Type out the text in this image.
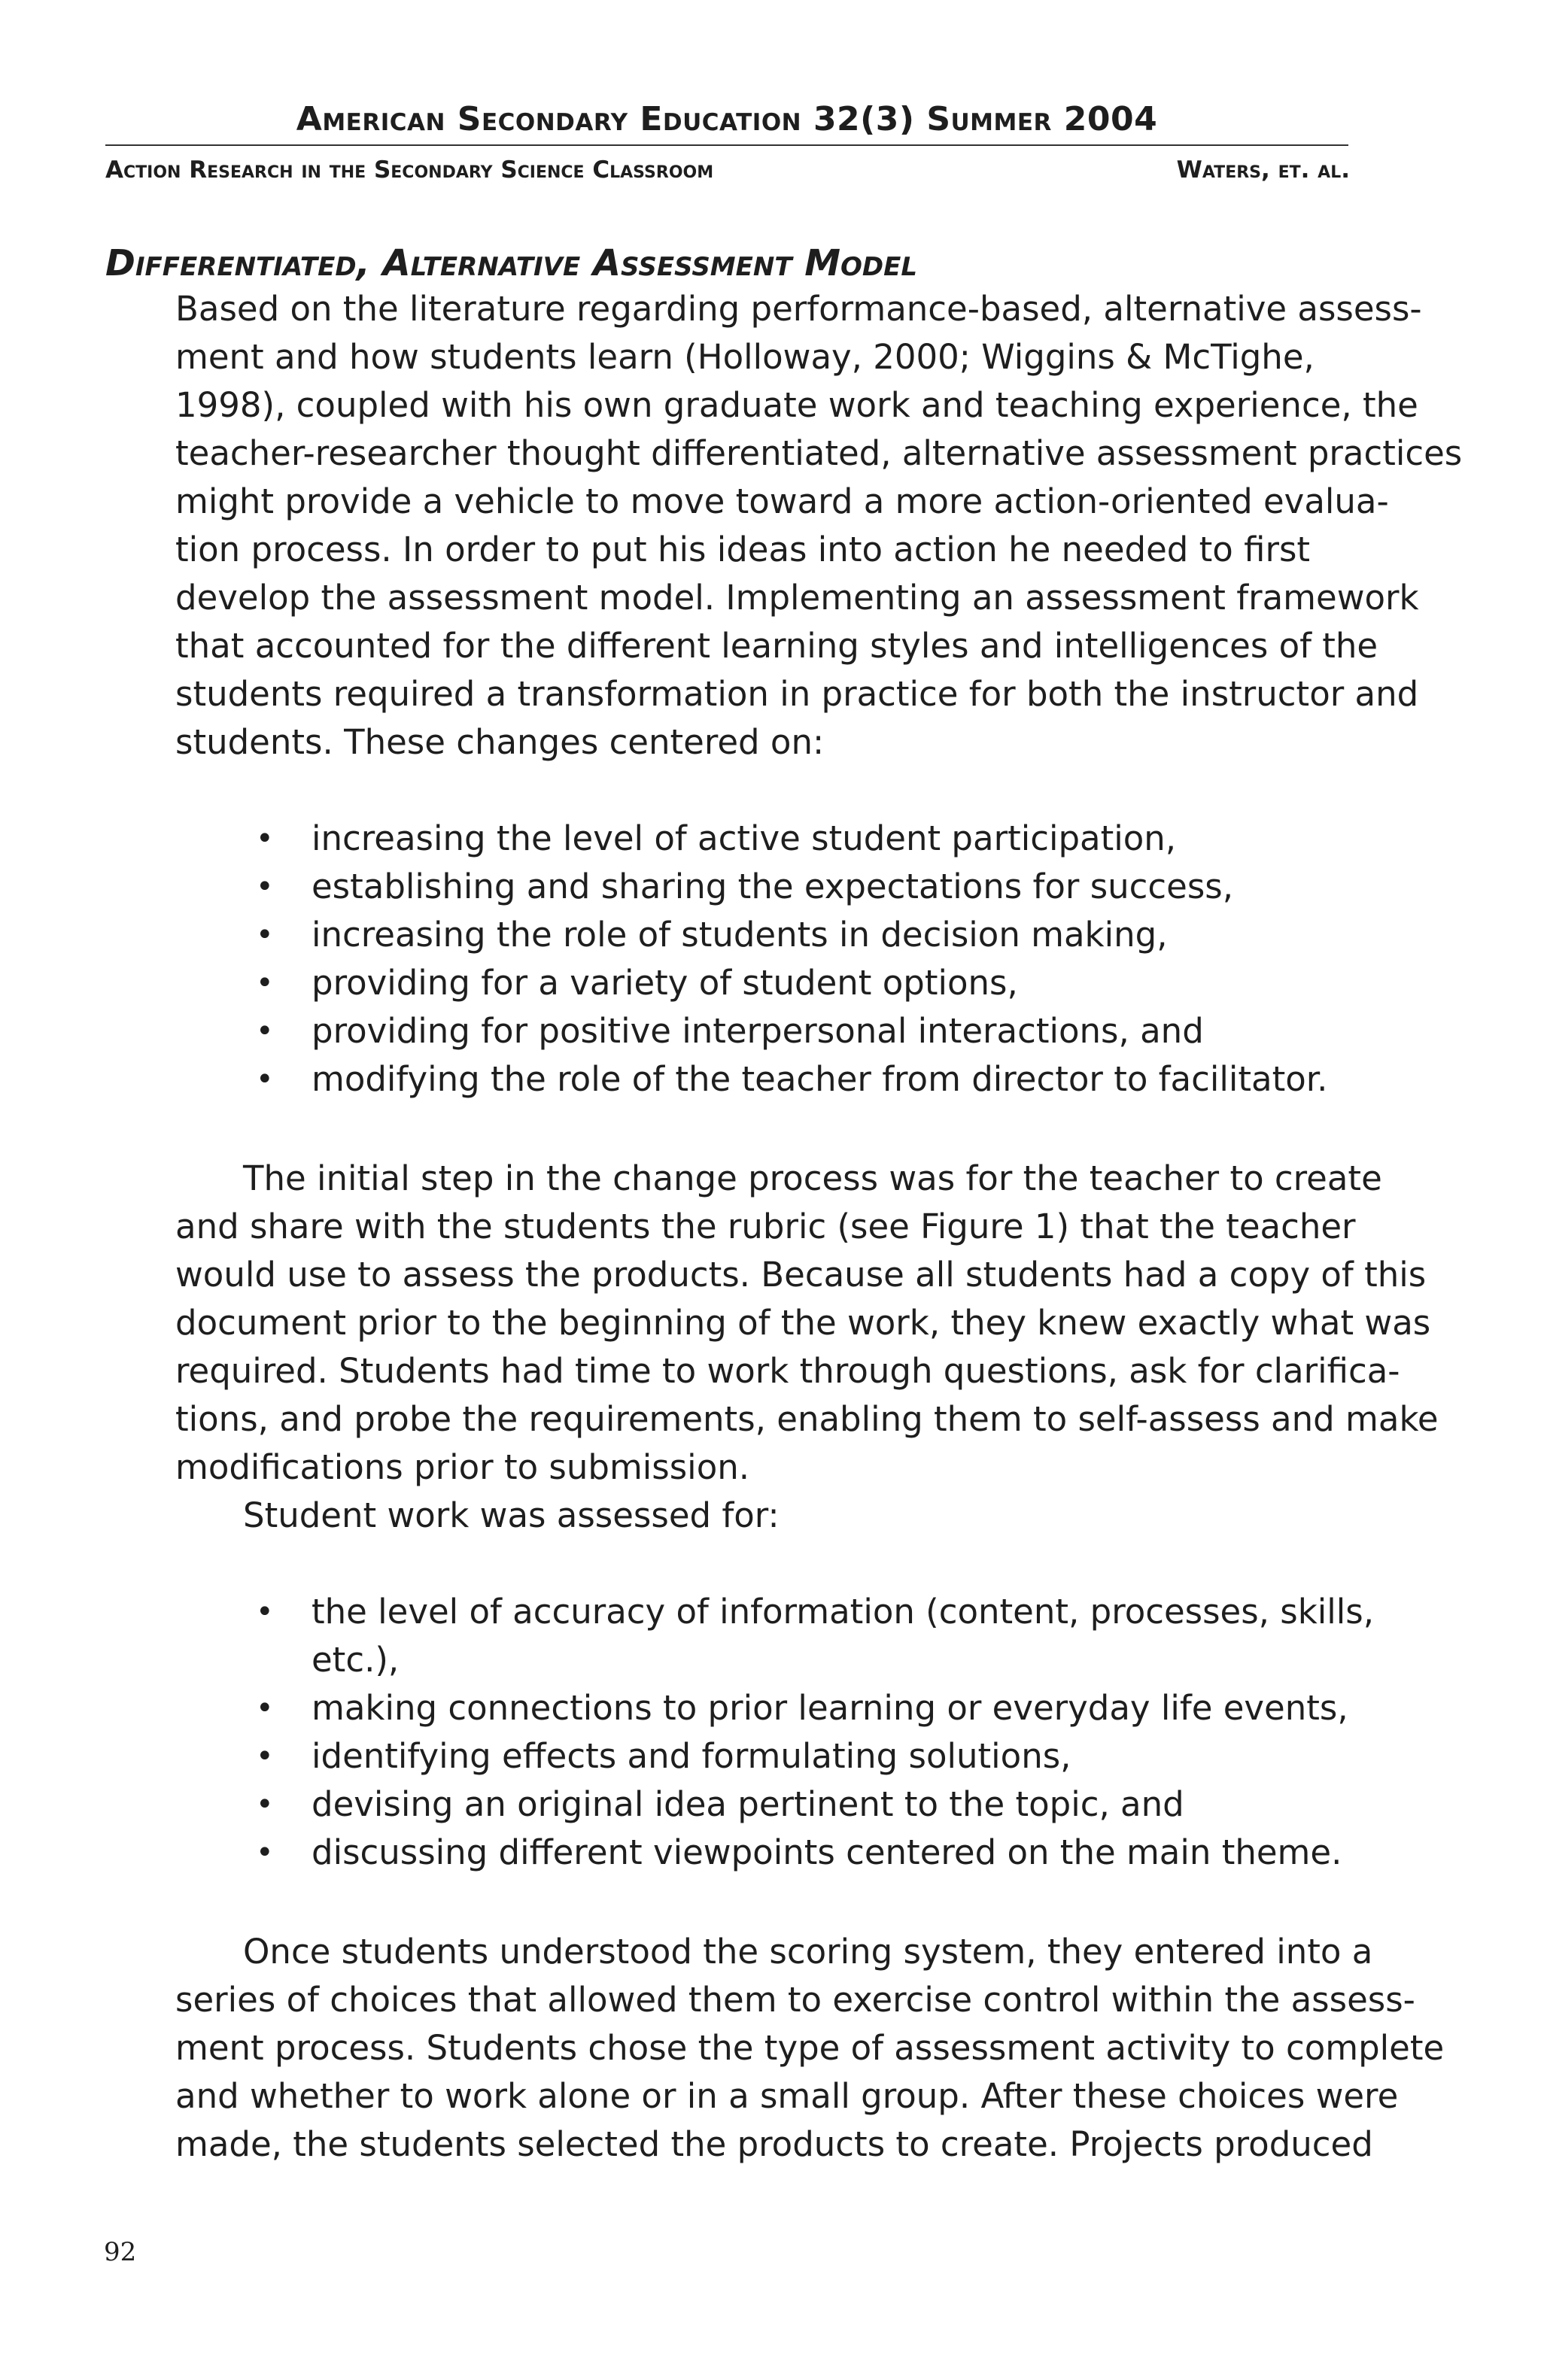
American Secondary Education 32(3) Summer 2004
Action Research in the Secondary Science Classroom	Waters, et. al.
Differentiated, Alternative Assessment Model

Based on the literature regarding performance-based, alternative assess-

ment and how students learn (Holloway, 2000; Wiggins & McTighe,

1998), coupled with his own graduate work and teaching experience, the

teacher-researcher thought differentiated, alternative assessment practices

might provide a vehicle to move toward a more action-oriented evalua-

tion process. In order to put his ideas into action he needed to first

develop the assessment model. Implementing an assessment framework

that accounted for the different learning styles and intelligences of the

students required a transformation in practice for both the instructor and

students. These changes centered on:

• increasing the level of active student participation,

• establishing and sharing the expectations for success,

• increasing the role of students in decision making,

• providing for a variety of student options,

• providing for positive interpersonal interactions, and

• modifying the role of the teacher from director to facilitator.

The initial step in the change process was for the teacher to create

and share with the students the rubric (see Figure 1) that the teacher

would use to assess the products. Because all students had a copy of this

document prior to the beginning of the work, they knew exactly what was

required. Students had time to work through questions, ask for clarifica-

tions, and probe the requirements, enabling them to self-assess and make

modifications prior to submission.

Student work was assessed for:

• the level of accuracy of information (content, processes, skills,

etc.),

• making connections to prior learning or everyday life events,

• identifying effects and formulating solutions,

• devising an original idea pertinent to the topic, and

• discussing different viewpoints centered on the main theme.

Once students understood the scoring system, they entered into a

series of choices that allowed them to exercise control within the assess-

ment process. Students chose the type of assessment activity to complete

and whether to work alone or in a small group. After these choices were

made, the students selected the products to create. Projects produced

92
